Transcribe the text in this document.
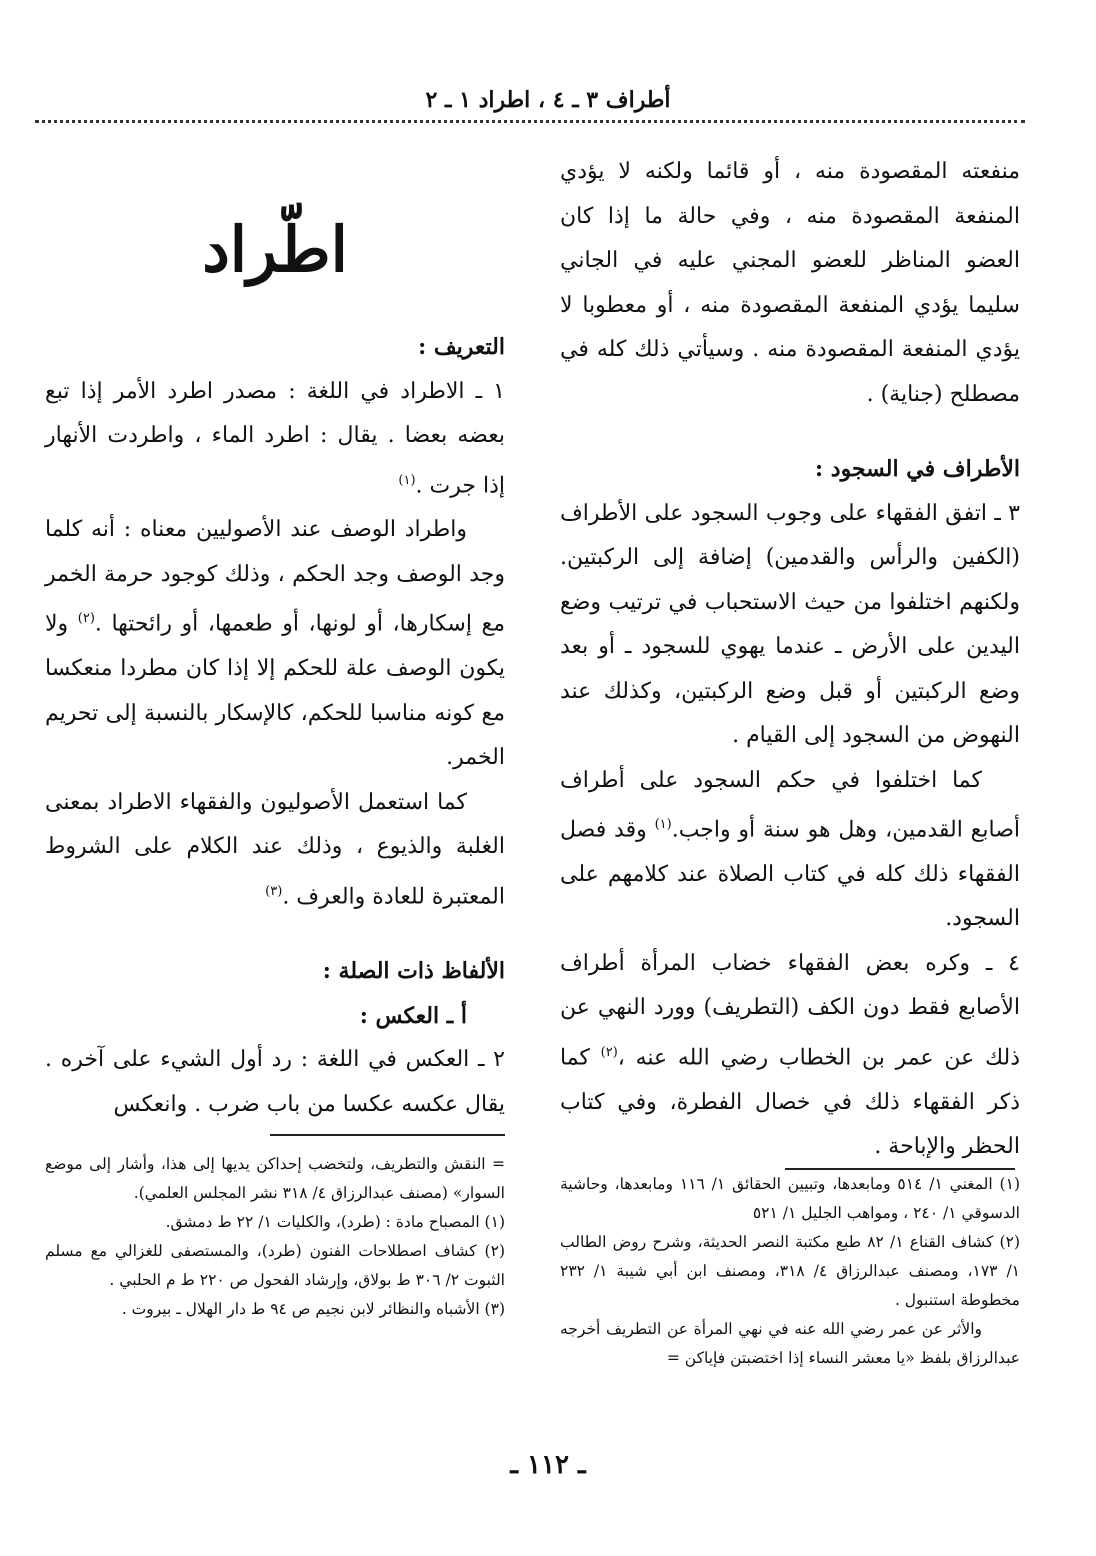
أطراف ٣ ـ ٤ ، اطراد ١ ـ ٢

منفعته المقصودة منه ، أو قائما ولكنه لا يؤدي المنفعة المقصودة منه ، وفي حالة ما إذا كان العضو المناظر للعضو المجني عليه في الجاني سليما يؤدي المنفعة المقصودة منه ، أو معطوبا لا يؤدي المنفعة المقصودة منه . وسيأتي ذلك كله في مصطلح (جناية) .

الأطراف في السجود :

٣ ـ اتفق الفقهاء على وجوب السجود على الأطراف (الكفين والرأس والقدمين) إضافة إلى الركبتين. ولكنهم اختلفوا من حيث الاستحباب في ترتيب وضع اليدين على الأرض ـ عندما يهوي للسجود ـ أو بعد وضع الركبتين أو قبل وضع الركبتين، وكذلك عند النهوض من السجود إلى القيام .

كما اختلفوا في حكم السجود على أطراف أصابع القدمين، وهل هو سنة أو واجب.$^{(١)}$ وقد فصل الفقهاء ذلك كله في كتاب الصلاة عند كلامهم على السجود.

٤ ـ وكره بعض الفقهاء خضاب المرأة أطراف الأصابع فقط دون الكف (التطريف) وورد النهي عن ذلك عن عمر بن الخطاب رضي الله عنه ،$^{(٢)}$ كما ذكر الفقهاء ذلك في خصال الفطرة، وفي كتاب الحظر والإباحة .

اطّراد

التعريف :

١ ـ الاطراد في اللغة : مصدر اطرد الأمر إذا تبع بعضه بعضا . يقال : اطرد الماء ، واطردت الأنهار إذا جرت .$^{(١)}$

واطراد الوصف عند الأصوليين معناه : أنه كلما وجد الوصف وجد الحكم ، وذلك كوجود حرمة الخمر مع إسكارها، أو لونها، أو طعمها، أو رائحتها .$^{(٢)}$ ولا يكون الوصف علة للحكم إلا إذا كان مطردا منعكسا مع كونه مناسبا للحكم، كالإسكار بالنسبة إلى تحريم الخمر.

كما استعمل الأصوليون والفقهاء الاطراد بمعنى الغلبة والذيوع ، وذلك عند الكلام على الشروط المعتبرة للعادة والعرف .$^{(٣)}$

الألفاظ ذات الصلة :

أ ـ العكس :

٢ ـ العكس في اللغة : رد أول الشيء على آخره . يقال عكسه عكسا من باب ضرب . وانعكس

(١) المغني ١/ ٥١٤ ومابعدها، وتبيين الحقائق ١/ ١١٦ ومابعدها، وحاشية الدسوقي ١/ ٢٤٠ ، ومواهب الجليل ١/ ٥٢١

(٢) كشاف القناع ١/ ٨٢ طبع مكتبة النصر الحديثة، وشرح روض الطالب ١/ ١٧٣، ومصنف عبدالرزاق ٤/ ٣١٨، ومصنف ابن أبي شيبة ١/ ٢٣٢ مخطوطة استنبول .

والأثر عن عمر رضي الله عنه في نهي المرأة عن التطريف أخرجه عبدالرزاق بلفظ «يا معشر النساء إذا اختضبتن فإياكن =

= النقش والتطريف، ولتخضب إحداكن يديها إلى هذا، وأشار إلى موضع السوار» (مصنف عبدالرزاق ٤/ ٣١٨ نشر المجلس العلمي).

(١) المصباح مادة : (طرد)، والكليات ١/ ٢٢ ط دمشق.

(٢) كشاف اصطلاحات الفنون (طرد)، والمستصفى للغزالي مع مسلم الثبوت ٢/ ٣٠٦ ط بولاق، وإرشاد الفحول ص ٢٢٠ ط م الحلبي .

(٣) الأشباه والنظائر لابن نجيم ص ٩٤ ط دار الهلال ـ بيروت .

ـ ١١٢ ـ
